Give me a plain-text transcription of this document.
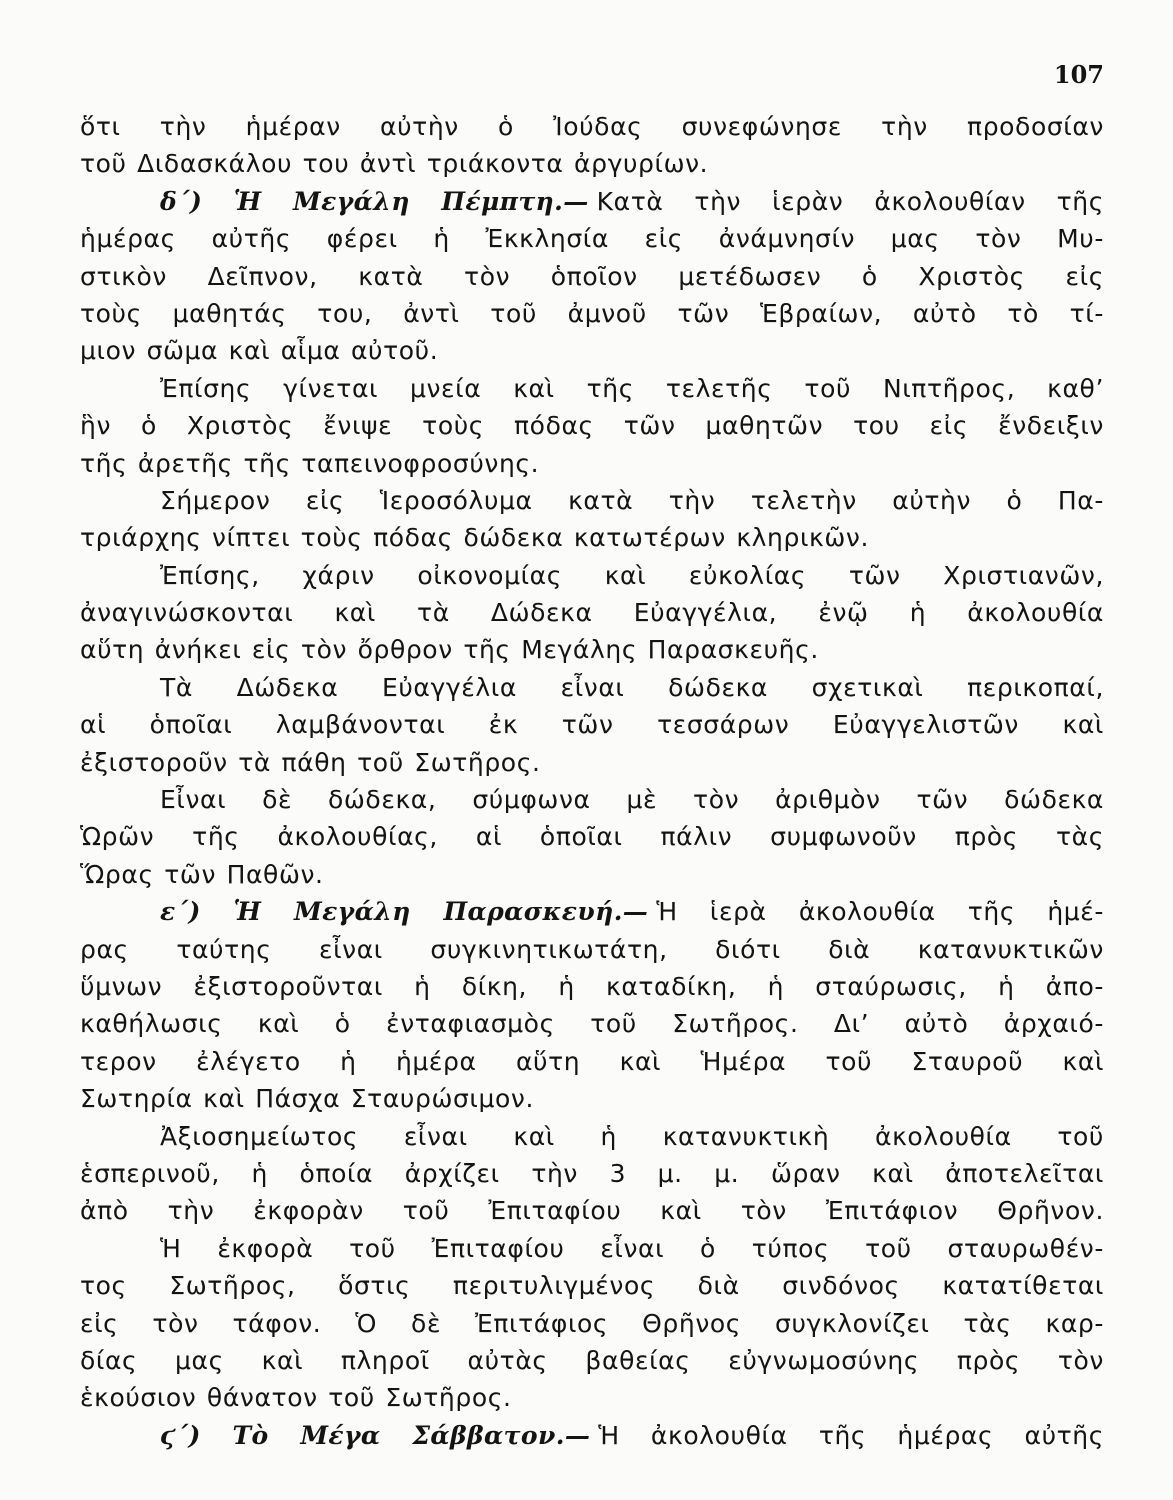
107
ὅτι τὴν ἡμέραν αὐτὴν ὁ Ἰούδας συνεφώνησε τὴν προδοσίαν
τοῦ Διδασκάλου του ἀντὶ τριάκοντα ἀργυρίων.
δ΄) Ἡ Μεγάλη Πέμπτη.— Κατὰ τὴν ἱερὰν ἀκολουθίαν τῆς
ἡμέρας αὐτῆς φέρει ἡ Ἐκκλησία εἰς ἀνάμνησίν μας τὸν Μυ-
στικὸν Δεῖπνον, κατὰ τὸν ὁποῖον μετέδωσεν ὁ Χριστὸς εἰς
τοὺς μαθητάς του, ἀντὶ τοῦ ἀμνοῦ τῶν Ἑβραίων, αὐτὸ τὸ τί-
μιον σῶμα καὶ αἷμα αὐτοῦ.
Ἐπίσης γίνεται μνεία καὶ τῆς τελετῆς τοῦ Νιπτῆρος, καθ’
ἣν ὁ Χριστὸς ἔνιψε τοὺς πόδας τῶν μαθητῶν του εἰς ἔνδειξιν
τῆς ἀρετῆς τῆς ταπεινοφροσύνης.
Σήμερον εἰς Ἱεροσόλυμα κατὰ τὴν τελετὴν αὐτὴν ὁ Πα-
τριάρχης νίπτει τοὺς πόδας δώδεκα κατωτέρων κληρικῶν.
Ἐπίσης, χάριν οἰκονομίας καὶ εὐκολίας τῶν Χριστιανῶν,
ἀναγινώσκονται καὶ τὰ Δώδεκα Εὐαγγέλια, ἐνῷ ἡ ἀκολουθία
αὕτη ἀνήκει εἰς τὸν ὄρθρον τῆς Μεγάλης Παρασκευῆς.
Τὰ Δώδεκα Εὐαγγέλια εἶναι δώδεκα σχετικαὶ περικοπαί,
αἱ ὁποῖαι λαμβάνονται ἐκ τῶν τεσσάρων Εὐαγγελιστῶν καὶ
ἐξιστοροῦν τὰ πάθη τοῦ Σωτῆρος.
Εἶναι δὲ δώδεκα, σύμφωνα μὲ τὸν ἀριθμὸν τῶν δώδεκα
Ὡρῶν τῆς ἀκολουθίας, αἱ ὁποῖαι πάλιν συμφωνοῦν πρὸς τὰς
Ὥρας τῶν Παθῶν.
ε΄) Ἡ Μεγάλη Παρασκευή.— Ἡ ἱερὰ ἀκολουθία τῆς ἡμέ-
ρας ταύτης εἶναι συγκινητικωτάτη, διότι διὰ κατανυκτικῶν
ὕμνων ἐξιστοροῦνται ἡ δίκη, ἡ καταδίκη, ἡ σταύρωσις, ἡ ἀπο-
καθήλωσις καὶ ὁ ἐνταφιασμὸς τοῦ Σωτῆρος. Δι’ αὐτὸ ἀρχαιό-
τερον ἐλέγετο ἡ ἡμέρα αὕτη καὶ Ἡμέρα τοῦ Σταυροῦ καὶ
Σωτηρία καὶ Πάσχα Σταυρώσιμον.
Ἀξιοσημείωτος εἶναι καὶ ἡ κατανυκτικὴ ἀκολουθία τοῦ
ἑσπερινοῦ, ἡ ὁποία ἀρχίζει τὴν 3 μ. μ. ὥραν καὶ ἀποτελεῖται
ἀπὸ τὴν ἐκφορὰν τοῦ Ἐπιταφίου καὶ τὸν Ἐπιτάφιον Θρῆνον.
Ἡ ἐκφορὰ τοῦ Ἐπιταφίου εἶναι ὁ τύπος τοῦ σταυρωθέν-
τος Σωτῆρος, ὅστις περιτυλιγμένος διὰ σινδόνος κατατίθεται
εἰς τὸν τάφον. Ὁ δὲ Ἐπιτάφιος Θρῆνος συγκλονίζει τὰς καρ-
δίας μας καὶ πληροῖ αὐτὰς βαθείας εὐγνωμοσύνης πρὸς τὸν
ἑκούσιον θάνατον τοῦ Σωτῆρος.
ϛ΄) Τὸ Μέγα Σάββατον.— Ἡ ἀκολουθία τῆς ἡμέρας αὐτῆς
